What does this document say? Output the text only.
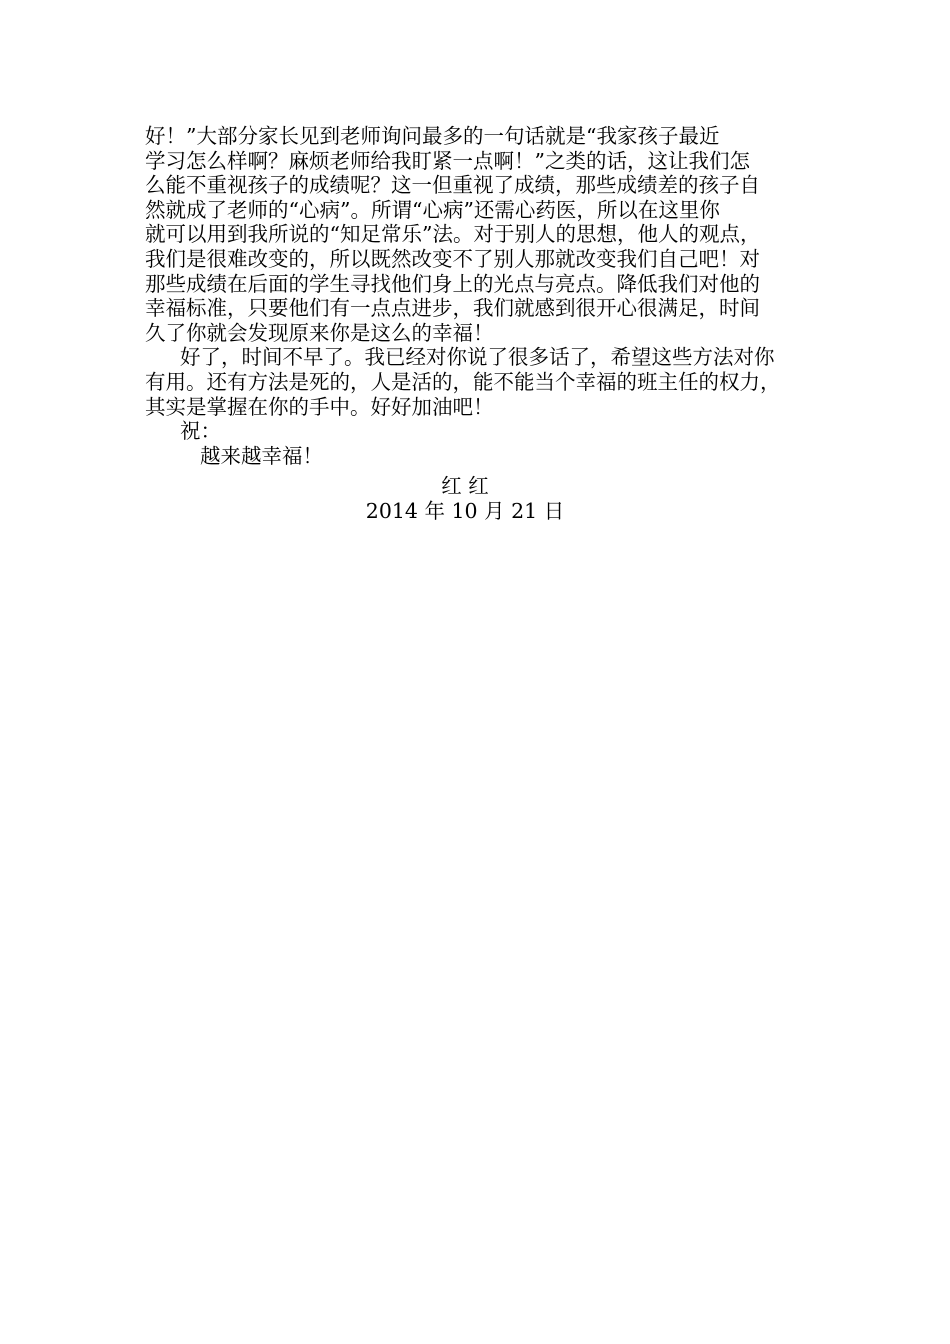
好！”大部分家长见到老师询问最多的一句话就是“我家孩子最近
学习怎么样啊？麻烦老师给我盯紧一点啊！”之类的话，这让我们怎
么能不重视孩子的成绩呢？这一但重视了成绩，那些成绩差的孩子自
然就成了老师的“心病”。所谓“心病”还需心药医，所以在这里你
就可以用到我所说的“知足常乐”法。对于别人的思想，他人的观点，
我们是很难改变的，所以既然改变不了别人那就改变我们自己吧！对
那些成绩在后面的学生寻找他们身上的光点与亮点。降低我们对他的
幸福标准，只要他们有一点点进步，我们就感到很开心很满足，时间
久了你就会发现原来你是这么的幸福！
好了，时间不早了。我已经对你说了很多话了，希望这些方法对你
有用。还有方法是死的，人是活的，能不能当个幸福的班主任的权力，
其实是掌握在你的手中。好好加油吧！
祝：
越来越幸福！
红 红
2014 年 10 月 21 日
